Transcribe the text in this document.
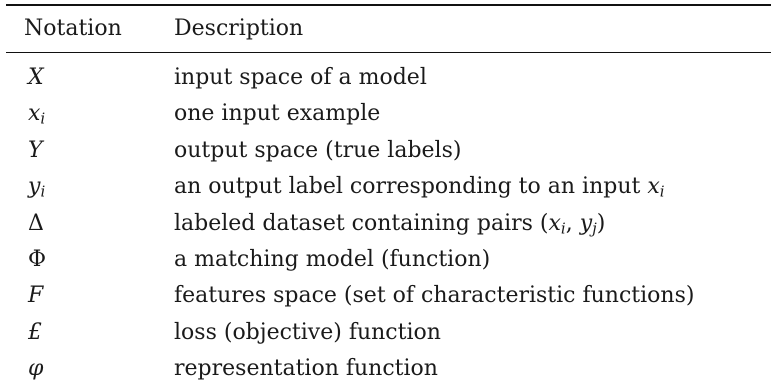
Notation Description
X	input space of a model
$x_i$	one input example
Y	output space (true labels)
$y_i$	an output label corresponding to an input $x_i$
Δ	labeled dataset containing pairs ($x_i$, $y_j$)
Φ	a matching model (function)
F	features space (set of characteristic functions)
£	loss (objective) function
φ	representation function
